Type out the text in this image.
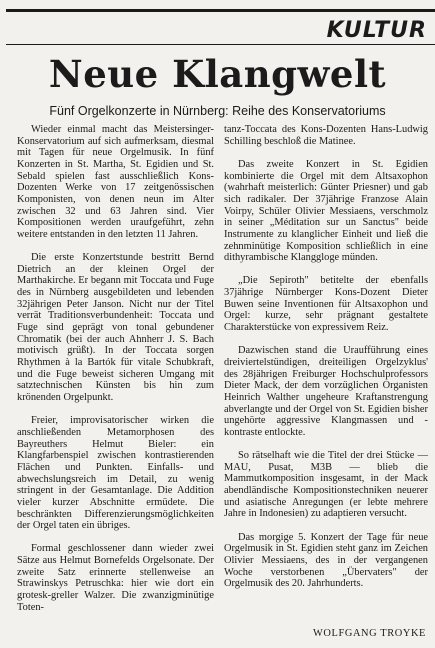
KULTUR
Neue Klangwelt
Fünf Orgelkonzerte in Nürnberg: Reihe des Konservatoriums

Wieder einmal macht das Meistersinger-Konservatorium auf sich aufmerksam, diesmal mit Tagen für neue Orgelmusik. In fünf Konzerten in St. Martha, St. Egidien und St. Sebald spielen fast ausschließlich Kons-Dozenten Werke von 17 zeitgenössischen Komponisten, von denen neun im Alter zwischen 32 und 63 Jahren sind. Vier Kompositionen werden uraufgeführt, zehn weitere entstanden in den letzten 11 Jahren.

Die erste Konzertstunde bestritt Bernd Dietrich an der kleinen Orgel der Marthakirche. Er begann mit Toccata und Fuge des in Nürnberg ausgebildeten und lebenden 32jährigen Peter Janson. Nicht nur der Titel verrät Traditionsverbundenheit: Toccata und Fuge sind geprägt von tonal gebundener Chromatik (bei der auch Ahnherr J. S. Bach motivisch grüßt). In der Toccata sorgen Rhythmen à la Bartók für vitale Schubkraft, und die Fuge beweist sicheren Umgang mit satztechnischen Künsten bis hin zum krönenden Orgelpunkt.

Freier, improvisatorischer wirken die anschließenden Metamorphosen des Bayreuthers Helmut Bieler: ein Klangfarbenspiel zwischen kontrastierenden Flächen und Punkten. Einfalls- und abwechslungsreich im Detail, zu wenig stringent in der Gesamtanlage. Die Addition vieler kurzer Abschnitte ermüdete. Die beschränkten Differenzierungsmöglichkeiten der Orgel taten ein übriges.

Formal geschlossener dann wieder zwei Sätze aus Helmut Bornefelds Orgelsonate. Der zweite Satz erinnerte stellenweise an Strawinskys Petruschka: hier wie dort ein grotesk-greller Walzer. Die zwanzigminütige Toten-

tanz-Toccata des Kons-Dozenten Hans-Ludwig Schilling beschloß die Matinee.

Das zweite Konzert in St. Egidien kombinierte die Orgel mit dem Altsaxophon (wahrhaft meisterlich: Günter Priesner) und gab sich radikaler. Der 37jährige Franzose Alain Voirpy, Schüler Olivier Messiaens, verschmolz in seiner „Méditation sur un Sanctus" beide Instrumente zu klanglicher Einheit und ließ die zehnminütige Komposition schließlich in eine dithyrambische Klanggloge münden.

„Die Sepiroth" betitelte der ebenfalls 37jährige Nürnberger Kons-Dozent Dieter Buwen seine Inventionen für Altsaxophon und Orgel: kurze, sehr prägnant gestaltete Charakterstücke von expressivem Reiz.

Dazwischen stand die Uraufführung eines dreiviertelstündigen, dreiteiligen Orgelzyklus' des 28jährigen Freiburger Hochschulprofessors Dieter Mack, der dem vorzüglichen Organisten Heinrich Walther ungeheure Kraftanstrengung abverlangte und der Orgel von St. Egidien bisher ungehörte aggressive Klangmassen und -kontraste entlockte.

So rätselhaft wie die Titel der drei Stücke — MAU, Pusat, M3B — blieb die Mammutkomposition insgesamt, in der Mack abendländische Kompositionstechniken neuerer und asiatische Anregungen (er lebte mehrere Jahre in Indonesien) zu adaptieren versucht.

Das morgige 5. Konzert der Tage für neue Orgelmusik in St. Egidien steht ganz im Zeichen Olivier Messiaens, des in der vergangenen Woche verstorbenen „Übervaters" der Orgelmusik des 20. Jahrhunderts.

WOLFGANG TROYKE
